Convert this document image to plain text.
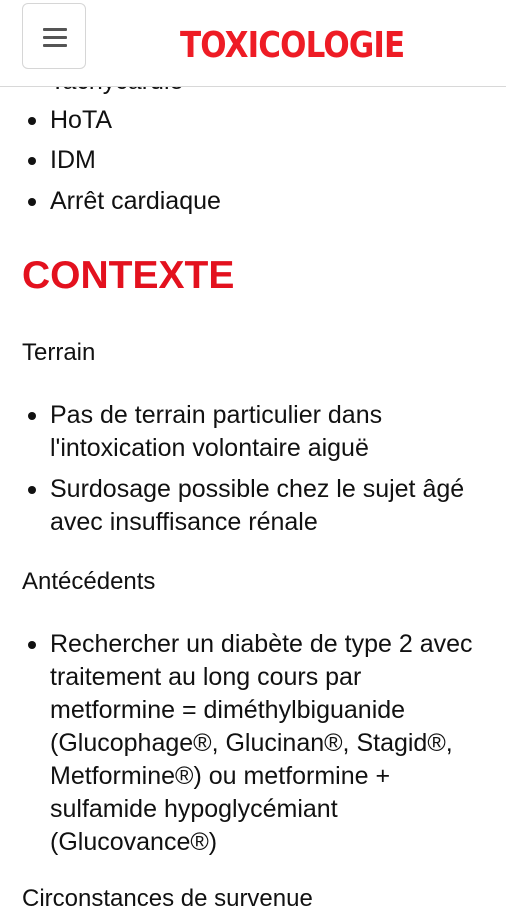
TOXICOLOGIE
HoTA
IDM
Arrêt cardiaque
CONTEXTE
Terrain
Pas de terrain particulier dans l'intoxication volontaire aiguë
Surdosage possible chez le sujet âgé avec insuffisance rénale
Antécédents
Rechercher un diabète de type 2 avec traitement au long cours par metformine = diméthylbiguanide (Glucophage®, Glucinan®, Stagid®, Metformine®) ou metformine + sulfamide hypoglycémiant (Glucovance®)
Circonstances de survenue
